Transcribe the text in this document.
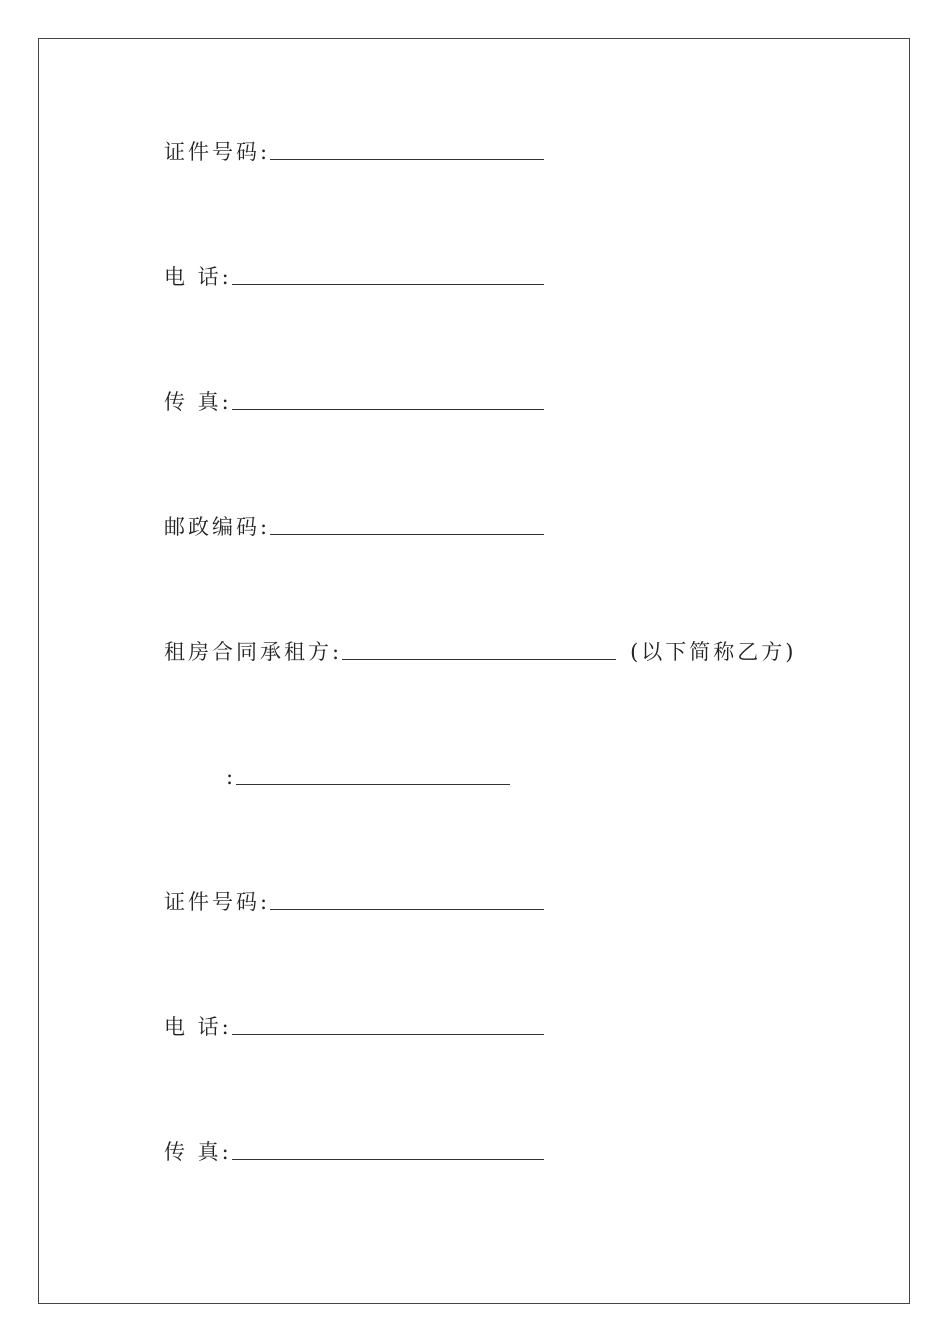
证件号码:
电 话:
传 真:
邮政编码:
租房合同承租方:	(以下简称乙方)
:
证件号码:
电 话:
传 真:
